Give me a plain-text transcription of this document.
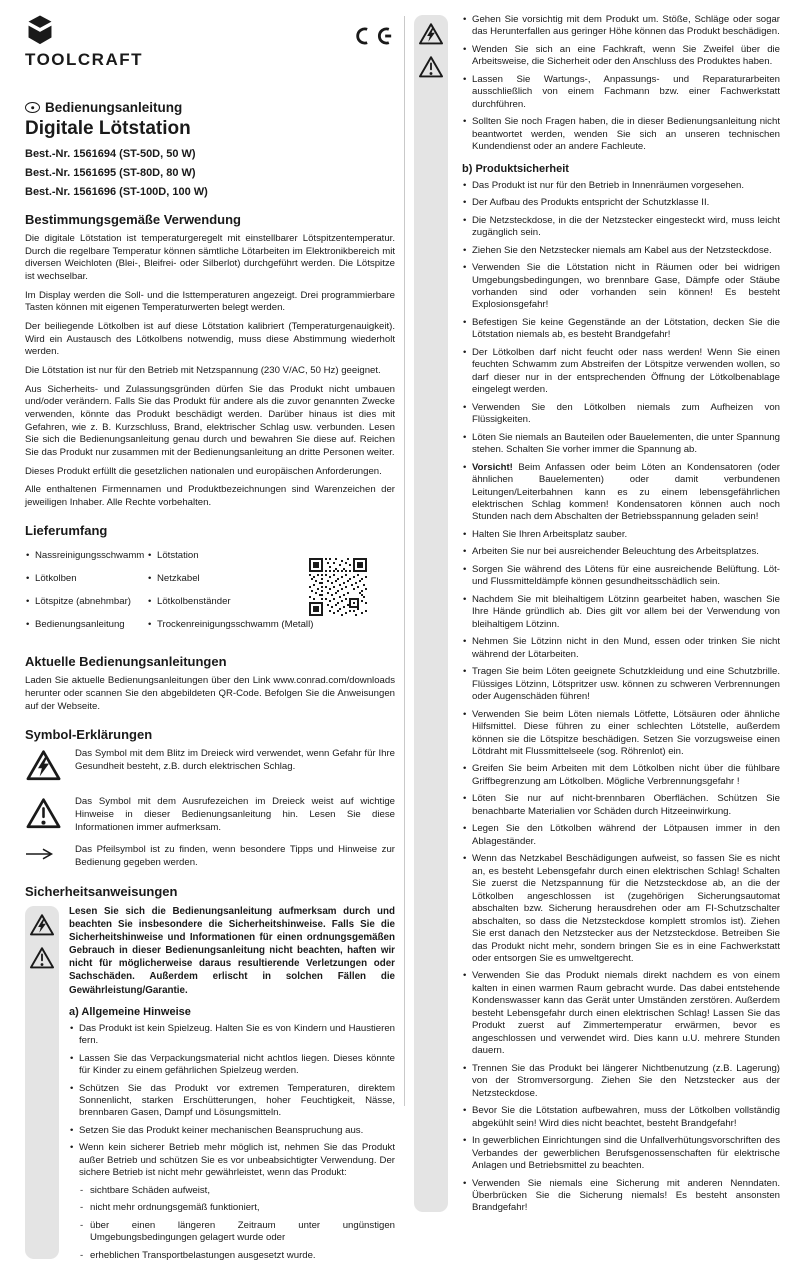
TOOLCRAFT
Bedienungsanleitung
Digitale Lötstation
Best.-Nr. 1561694 (ST-50D, 50 W)
Best.-Nr. 1561695 (ST-80D, 80 W)
Best.-Nr. 1561696 (ST-100D, 100 W)
Bestimmungsgemäße Verwendung

Die digitale Lötstation ist temperaturgeregelt mit einstellbarer Lötspitzentemperatur. Durch die regelbare Temperatur können sämtliche Lötarbeiten im Elektronikbereich mit diversen Weichloten (Blei-, Bleifrei- oder Silberlot) durchgeführt werden. Die Lötspitze ist wechselbar.

Im Display werden die Soll- und die Isttemperaturen angezeigt. Drei programmierbare Tasten können mit eigenen Temperaturwerten belegt werden.

Der beiliegende Lötkolben ist auf diese Lötstation kalibriert (Temperaturgenauigkeit). Wird ein Austausch des Lötkolbens notwendig, muss diese Abstimmung wiederholt werden.

Die Lötstation ist nur für den Betrieb mit Netzspannung (230 V/AC, 50 Hz) geeignet.

Aus Sicherheits- und Zulassungsgründen dürfen Sie das Produkt nicht umbauen und/oder verändern. Falls Sie das Produkt für andere als die zuvor genannten Zwecke verwenden, könnte das Produkt beschädigt werden. Darüber hinaus ist dies mit Gefahren, wie z. B. Kurzschluss, Brand, elektrischer Schlag usw. verbunden. Lesen Sie sich die Bedienungsanleitung genau durch und bewahren Sie diese auf. Reichen Sie das Produkt nur zusammen mit der Bedienungsanleitung an dritte Personen weiter.

Dieses Produkt erfüllt die gesetzlichen nationalen und europäischen Anforderungen.

Alle enthaltenen Firmennamen und Produktbezeichnungen sind Warenzeichen der jeweiligen Inhaber. Alle Rechte vorbehalten.

Lieferumfang
• Nassreinigungsschwamm
• Lötkolben
• Lötspitze (abnehmbar)
• Bedienungsanleitung
• Lötstation
• Netzkabel
• Lötkolbenständer
• Trockenreinigungsschwamm (Metall)
Aktuelle Bedienungsanleitungen

Laden Sie aktuelle Bedienungsanleitungen über den Link www.conrad.com/downloads herunter oder scannen Sie den abgebildeten QR-Code. Befolgen Sie die Anweisungen auf der Webseite.

Symbol-Erklärungen
Das Symbol mit dem Blitz im Dreieck wird verwendet, wenn Gefahr für Ihre Gesundheit besteht, z.B. durch elektrischen Schlag.
Das Symbol mit dem Ausrufezeichen im Dreieck weist auf wichtige Hinweise in dieser Bedienungsanleitung hin. Lesen Sie diese Informationen immer aufmerksam.
Das Pfeilsymbol ist zu finden, wenn besondere Tipps und Hinweise zur Bedienung gegeben werden.
Sicherheitsanweisungen

Lesen Sie sich die Bedienungsanleitung aufmerksam durch und beachten Sie insbesondere die Sicherheitshinweise. Falls Sie die Sicherheitshinweise und Informationen für einen ordnungsgemäßen Gebrauch in dieser Bedienungsanleitung nicht beachten, haften wir nicht für möglicherweise daraus resultierende Verletzungen oder Sachschäden. Außerdem erlischt in solchen Fällen die Gewährleistung/Garantie.

a) Allgemeine Hinweise
• Das Produkt ist kein Spielzeug. Halten Sie es von Kindern und Haustieren fern.
• Lassen Sie das Verpackungsmaterial nicht achtlos liegen. Dieses könnte für Kinder zu einem gefährlichen Spielzeug werden.
• Schützen Sie das Produkt vor extremen Temperaturen, direktem Sonnenlicht, starken Erschütterungen, hoher Feuchtigkeit, Nässe, brennbaren Gasen, Dampf und Lösungsmitteln.
• Setzen Sie das Produkt keiner mechanischen Beanspruchung aus.
• Wenn kein sicherer Betrieb mehr möglich ist, nehmen Sie das Produkt außer Betrieb und schützen Sie es vor unbeabsichtigter Verwendung. Der sichere Betrieb ist nicht mehr gewährleistet, wenn das Produkt:
- sichtbare Schäden aufweist,
- nicht mehr ordnungsgemäß funktioniert,
- über einen längeren Zeitraum unter ungünstigen Umgebungsbedingungen gelagert wurde oder
- erheblichen Transportbelastungen ausgesetzt wurde.
• Gehen Sie vorsichtig mit dem Produkt um. Stöße, Schläge oder sogar das Herunterfallen aus geringer Höhe können das Produkt beschädigen.
• Wenden Sie sich an eine Fachkraft, wenn Sie Zweifel über die Arbeitsweise, die Sicherheit oder den Anschluss des Produktes haben.
• Lassen Sie Wartungs-, Anpassungs- und Reparaturarbeiten ausschließlich von einem Fachmann bzw. einer Fachwerkstatt durchführen.
• Sollten Sie noch Fragen haben, die in dieser Bedienungsanleitung nicht beantwortet werden, wenden Sie sich an unseren technischen Kundendienst oder an andere Fachleute.
b) Produktsicherheit
• Das Produkt ist nur für den Betrieb in Innenräumen vorgesehen.
• Der Aufbau des Produkts entspricht der Schutzklasse II.
• Die Netzsteckdose, in die der Netzstecker eingesteckt wird, muss leicht zugänglich sein.
• Ziehen Sie den Netzstecker niemals am Kabel aus der Netzsteckdose.
• Verwenden Sie die Lötstation nicht in Räumen oder bei widrigen Umgebungsbedingungen, wo brennbare Gase, Dämpfe oder Stäube vorhanden sind oder vorhanden sein können! Es besteht Explosionsgefahr!
• Befestigen Sie keine Gegenstände an der Lötstation, decken Sie die Lötstation niemals ab, es besteht Brandgefahr!
• Der Lötkolben darf nicht feucht oder nass werden! Wenn Sie einen feuchten Schwamm zum Abstreifen der Lötspitze verwenden wollen, so darf dieser nur in der entsprechenden Öffnung der Lötkolbenablage eingelegt werden.
• Verwenden Sie den Lötkolben niemals zum Aufheizen von Flüssigkeiten.
• Löten Sie niemals an Bauteilen oder Bauelementen, die unter Spannung stehen. Schalten Sie vorher immer die Spannung ab.
• Vorsicht! Beim Anfassen oder beim Löten an Kondensatoren (oder ähnlichen Bauelementen) oder damit verbundenen Leitungen/Leiterbahnen kann es zu einem lebensgefährlichen elektrischen Schlag kommen! Kondensatoren können auch noch Stunden nach dem Abschalten der Betriebsspannung geladen sein!
• Halten Sie Ihren Arbeitsplatz sauber.
• Arbeiten Sie nur bei ausreichender Beleuchtung des Arbeitsplatzes.
• Sorgen Sie während des Lötens für eine ausreichende Belüftung. Löt- und Flussmitteldämpfe können gesundheitsschädlich sein.
• Nachdem Sie mit bleihaltigem Lötzinn gearbeitet haben, waschen Sie Ihre Hände gründlich ab. Dies gilt vor allem bei der Verwendung von bleihaltigem Lötzinn.
• Nehmen Sie Lötzinn nicht in den Mund, essen oder trinken Sie nicht während der Lötarbeiten.
• Tragen Sie beim Löten geeignete Schutzkleidung und eine Schutzbrille. Flüssiges Lötzinn, Lötspritzer usw. können zu schweren Verbrennungen oder Augenschäden führen!
• Verwenden Sie beim Löten niemals Lötfette, Lötsäuren oder ähnliche Hilfsmittel. Diese führen zu einer schlechten Lötstelle, außerdem können sie die Lötspitze beschädigen. Setzen Sie vorzugsweise einen Lötdraht mit Flussmittelseele (sog. Röhrenlot) ein.
• Greifen Sie beim Arbeiten mit dem Lötkolben nicht über die fühlbare Griffbegrenzung am Lötkolben. Mögliche Verbrennungsgefahr !
• Löten Sie nur auf nicht-brennbaren Oberflächen. Schützen Sie benachbarte Materialien vor Schäden durch Hitzeeinwirkung.
• Legen Sie den Lötkolben während der Lötpausen immer in den Ablageständer.
• Wenn das Netzkabel Beschädigungen aufweist, so fassen Sie es nicht an, es besteht Lebensgefahr durch einen elektrischen Schlag! Schalten Sie zuerst die Netzspannung für die Netzsteckdose ab, an die der Lötkolben angeschlossen ist (zugehörigen Sicherungsautomat abschalten bzw. Sicherung herausdrehen oder am FI-Schutzschalter abschalten, so dass die Netzsteckdose komplett stromlos ist). Ziehen Sie erst danach den Netzstecker aus der Netzsteckdose. Betreiben Sie das Produkt nicht mehr, sondern bringen Sie es in eine Fachwerkstatt oder entsorgen Sie es umweltgerecht.
• Verwenden Sie das Produkt niemals direkt nachdem es von einem kalten in einen warmen Raum gebracht wurde. Das dabei entstehende Kondenswasser kann das Gerät unter Umständen zerstören. Außerdem besteht Lebensgefahr durch einen elektrischen Schlag! Lassen Sie das Produkt zuerst auf Zimmertemperatur erwärmen, bevor es angeschlossen und verwendet wird. Dies kann u.U. mehrere Stunden dauern.
• Trennen Sie das Produkt bei längerer Nichtbenutzung (z.B. Lagerung) von der Stromversorgung. Ziehen Sie den Netzstecker aus der Netzsteckdose.
• Bevor Sie die Lötstation aufbewahren, muss der Lötkolben vollständig abgekühlt sein! Wird dies nicht beachtet, besteht Brandgefahr!
• In gewerblichen Einrichtungen sind die Unfallverhütungsvorschriften des Verbandes der gewerblichen Berufsgenossenschaften für elektrische Anlagen und Betriebsmittel zu beachten.
• Verwenden Sie niemals eine Sicherung mit anderen Nenndaten. Überbrücken Sie die Sicherung niemals! Es besteht ansonsten Brandgefahr!
